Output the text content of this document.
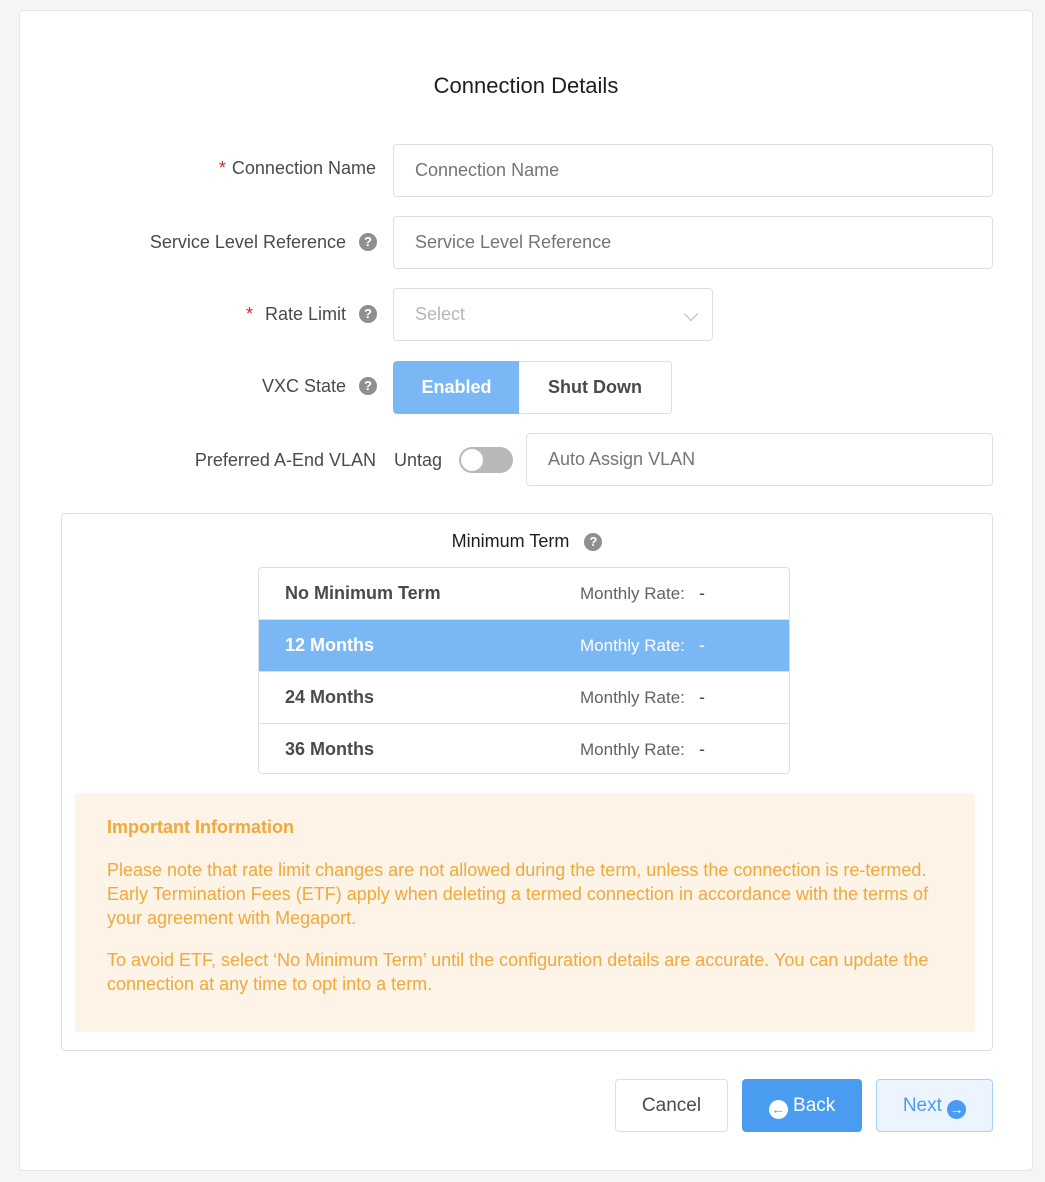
Connection Details
* Connection Name
Connection Name
Service Level Reference	?
Service Level Reference
* Rate Limit	?	Select
VXC State	?	Enabled	Shut Down
Preferred A-End VLAN Untag
Auto Assign VLAN
Minimum Term ?
No Minimum Term	Monthly Rate: -
12 Months	Monthly Rate: -
24 Months	Monthly Rate: -
36 Months	Monthly Rate: -
Important Information

Please note that rate limit changes are not allowed during the term, unless the connection is re-termed. Early Termination Fees (ETF) apply when deleting a termed connection in accordance with the terms of your agreement with Megaport.

To avoid ETF, select ‘No Minimum Term’ until the configuration details are accurate. You can update the connection at any time to opt into a term.

Cancel	← Back	Next →
